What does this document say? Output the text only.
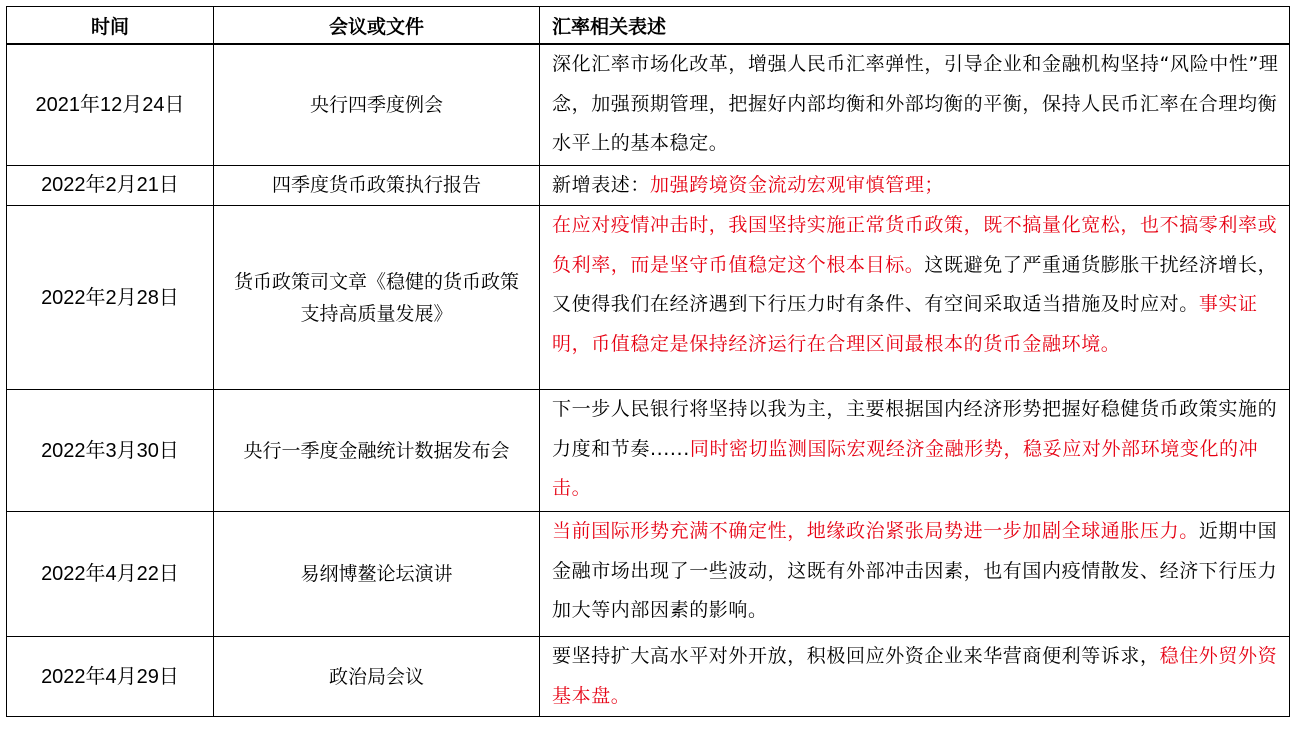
时间	会议或文件	汇率相关表述
2021年12月24日	央行四季度例会	深化汇率市场化改革，增强人民币汇率弹性，引导企业和金融机构坚持“风险中性”理念，加强预期管理，把握好内部均衡和外部均衡的平衡，保持人民币汇率在合理均衡水平上的基本稳定。
2022年2月21日	四季度货币政策执行报告	新增表述：加强跨境资金流动宏观审慎管理；
2022年2月28日	货币政策司文章《稳健的货币政策支持高质量发展》	在应对疫情冲击时，我国坚持实施正常货币政策，既不搞量化宽松，也不搞零利率或负利率，而是坚守币值稳定这个根本目标。这既避免了严重通货膨胀干扰经济增长，又使得我们在经济遇到下行压力时有条件、有空间采取适当措施及时应对。事实证明，币值稳定是保持经济运行在合理区间最根本的货币金融环境。
2022年3月30日	央行一季度金融统计数据发布会	下一步人民银行将坚持以我为主，主要根据国内经济形势把握好稳健货币政策实施的力度和节奏......同时密切监测国际宏观经济金融形势，稳妥应对外部环境变化的冲击。
2022年4月22日	易纲博鳌论坛演讲	当前国际形势充满不确定性，地缘政治紧张局势进一步加剧全球通胀压力。近期中国金融市场出现了一些波动，这既有外部冲击因素，也有国内疫情散发、经济下行压力加大等内部因素的影响。
2022年4月29日	政治局会议	要坚持扩大高水平对外开放，积极回应外资企业来华营商便利等诉求，稳住外贸外资基本盘。
